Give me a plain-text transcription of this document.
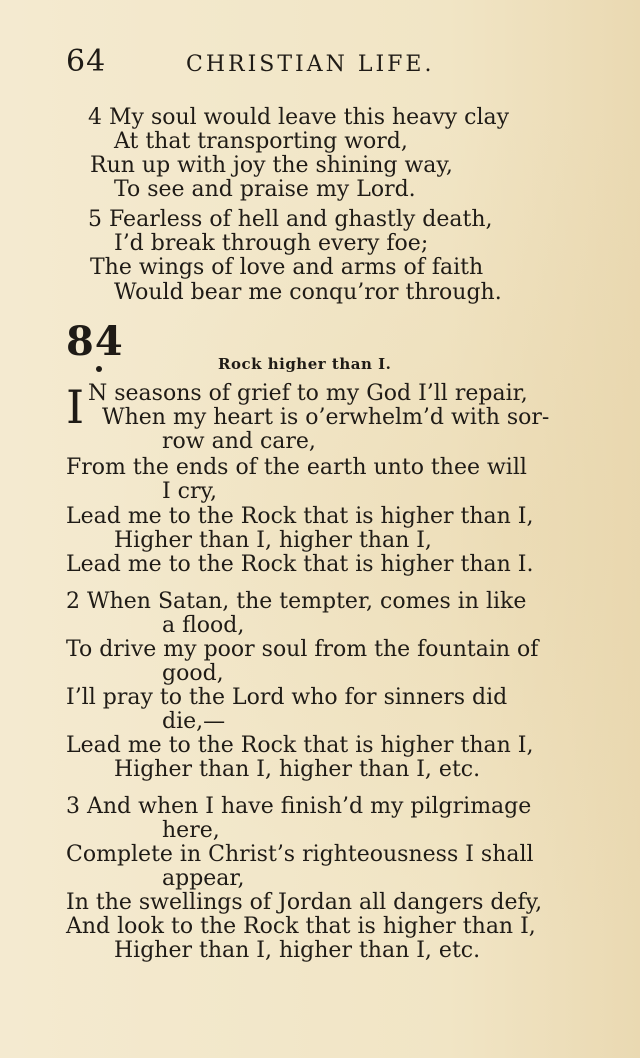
64	CHRISTIAN LIFE.
4 My soul would leave this heavy clay
At that transporting word,
Run up with joy the shining way,
To see and praise my Lord.
5 Fearless of hell and ghastly death,
I’d break through every foe;
The wings of love and arms of faith
Would bear me conqu’ror through.
84	Rock higher than I.
I N seasons of grief to my God I’ll repair,
When my heart is o’erwhelm’d with sor-
row and care,
From the ends of the earth unto thee will
I cry,
Lead me to the Rock that is higher than I,
Higher than I, higher than I,
Lead me to the Rock that is higher than I.
2 When Satan, the tempter, comes in like
a flood,
To drive my poor soul from the fountain of
good,
I’ll pray to the Lord who for sinners did
die,—
Lead me to the Rock that is higher than I,
Higher than I, higher than I, etc.
3 And when I have finish’d my pilgrimage
here,
Complete in Christ’s righteousness I shall
appear,
In the swellings of Jordan all dangers defy,
And look to the Rock that is higher than I,
Higher than I, higher than I, etc.
